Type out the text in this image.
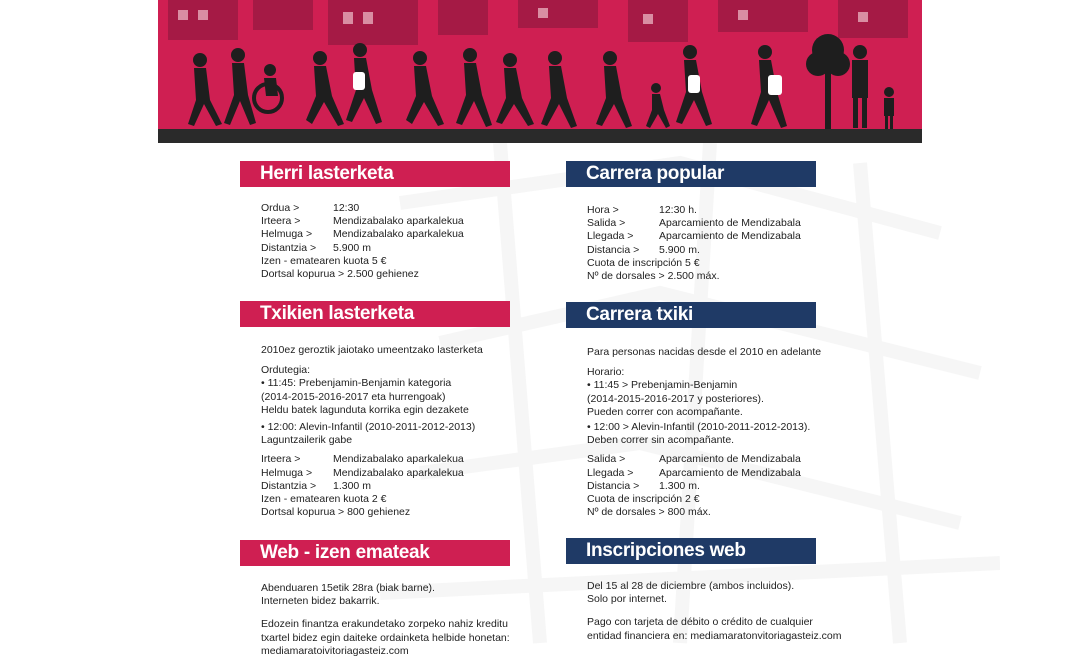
Herri lasterketa
Ordua >	12:30
Irteera >	Mendizabalako aparkalekua
Helmuga >	Mendizabalako aparkalekua
Distantzia >	5.900 m
Izen - ematearen kuota 5 €
Dortsal kopurua > 2.500 gehienez
Txikien lasterketa
2010ez geroztik jaiotako umeentzako lasterketa
Ordutegia:
• 11:45: Prebenjamin-Benjamin kategoria
(2014-2015-2016-2017 eta hurrengoak)
Heldu batek lagunduta korrika egin dezakete
• 12:00: Alevin-Infantil (2010-2011-2012-2013)
Laguntzailerik gabe
Irteera >	Mendizabalako aparkalekua
Helmuga >	Mendizabalako aparkalekua
Distantzia >	1.300 m
Izen - ematearen kuota 2 €
Dortsal kopurua > 800 gehienez
Web - izen emateak
Abenduaren 15etik 28ra (biak barne).
Interneten bidez bakarrik.
Edozein finantza erakundetako zorpeko nahiz kreditu
txartel bidez egin daiteke ordainketa helbide honetan:
mediamaratoivitoriagasteiz.com
Carrera popular
Hora >	12:30 h.
Salida >	Aparcamiento de Mendizabala
Llegada >	Aparcamiento de Mendizabala
Distancia >	5.900 m.
Cuota de inscripción 5 €
Nº de dorsales > 2.500 máx.
Carrera txiki
Para personas nacidas desde el 2010 en adelante
Horario:
• 11:45 > Prebenjamin-Benjamin
(2014-2015-2016-2017 y posteriores).
Pueden correr con acompañante.
• 12:00 > Alevin-Infantil (2010-2011-2012-2013).
Deben correr sin acompañante.
Salida >	Aparcamiento de Mendizabala
Llegada >	Aparcamiento de Mendizabala
Distancia >	1.300 m.
Cuota de inscripción 2 €
Nº de dorsales > 800 máx.
Inscripciones web
Del 15 al 28 de diciembre (ambos incluidos).
Solo por internet.
Pago con tarjeta de débito o crédito de cualquier
entidad financiera en: mediamaratonvitoriagasteiz.com
